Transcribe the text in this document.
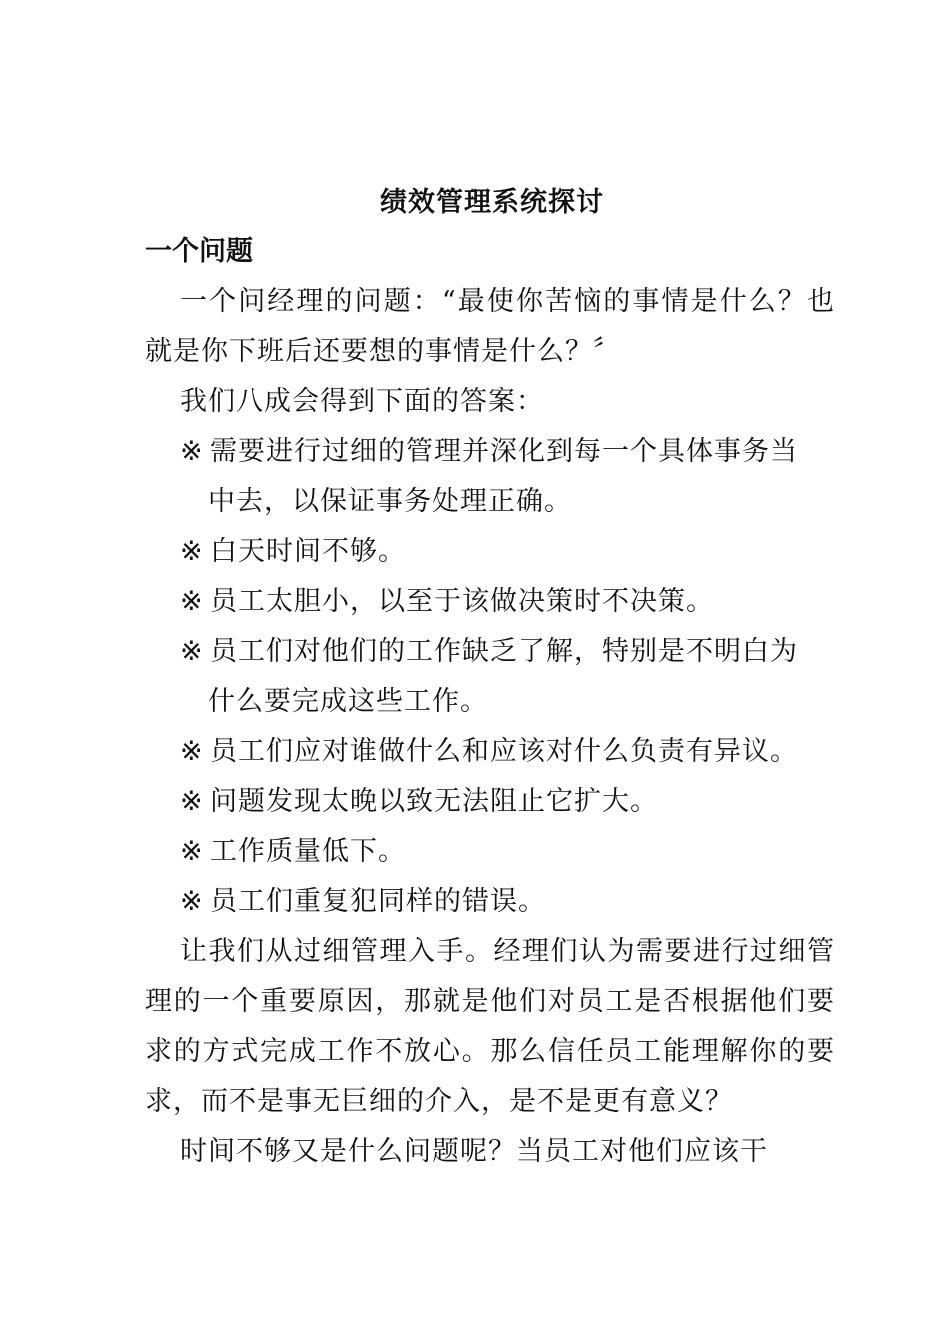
绩效管理系统探讨
一个问题

一个问经理的问题：“最使你苦恼的事情是什么？也就是你下班后还要想的事情是什么？〞

我们八成会得到下面的答案：

※ 需要进行过细的管理并深化到每一个具体事务当中去，以保证事务处理正确。
※ 白天时间不够。
※ 员工太胆小，以至于该做决策时不决策。
※ 员工们对他们的工作缺乏了解，特别是不明白为什么要完成这些工作。
※ 员工们应对谁做什么和应该对什么负责有异议。
※ 问题发现太晚以致无法阻止它扩大。
※ 工作质量低下。
※ 员工们重复犯同样的错误。

让我们从过细管理入手。经理们认为需要进行过细管理的一个重要原因，那就是他们对员工是否根据他们要求的方式完成工作不放心。那么信任员工能理解你的要求，而不是事无巨细的介入，是不是更有意义？

时间不够又是什么问题呢？当员工对他们应该干
